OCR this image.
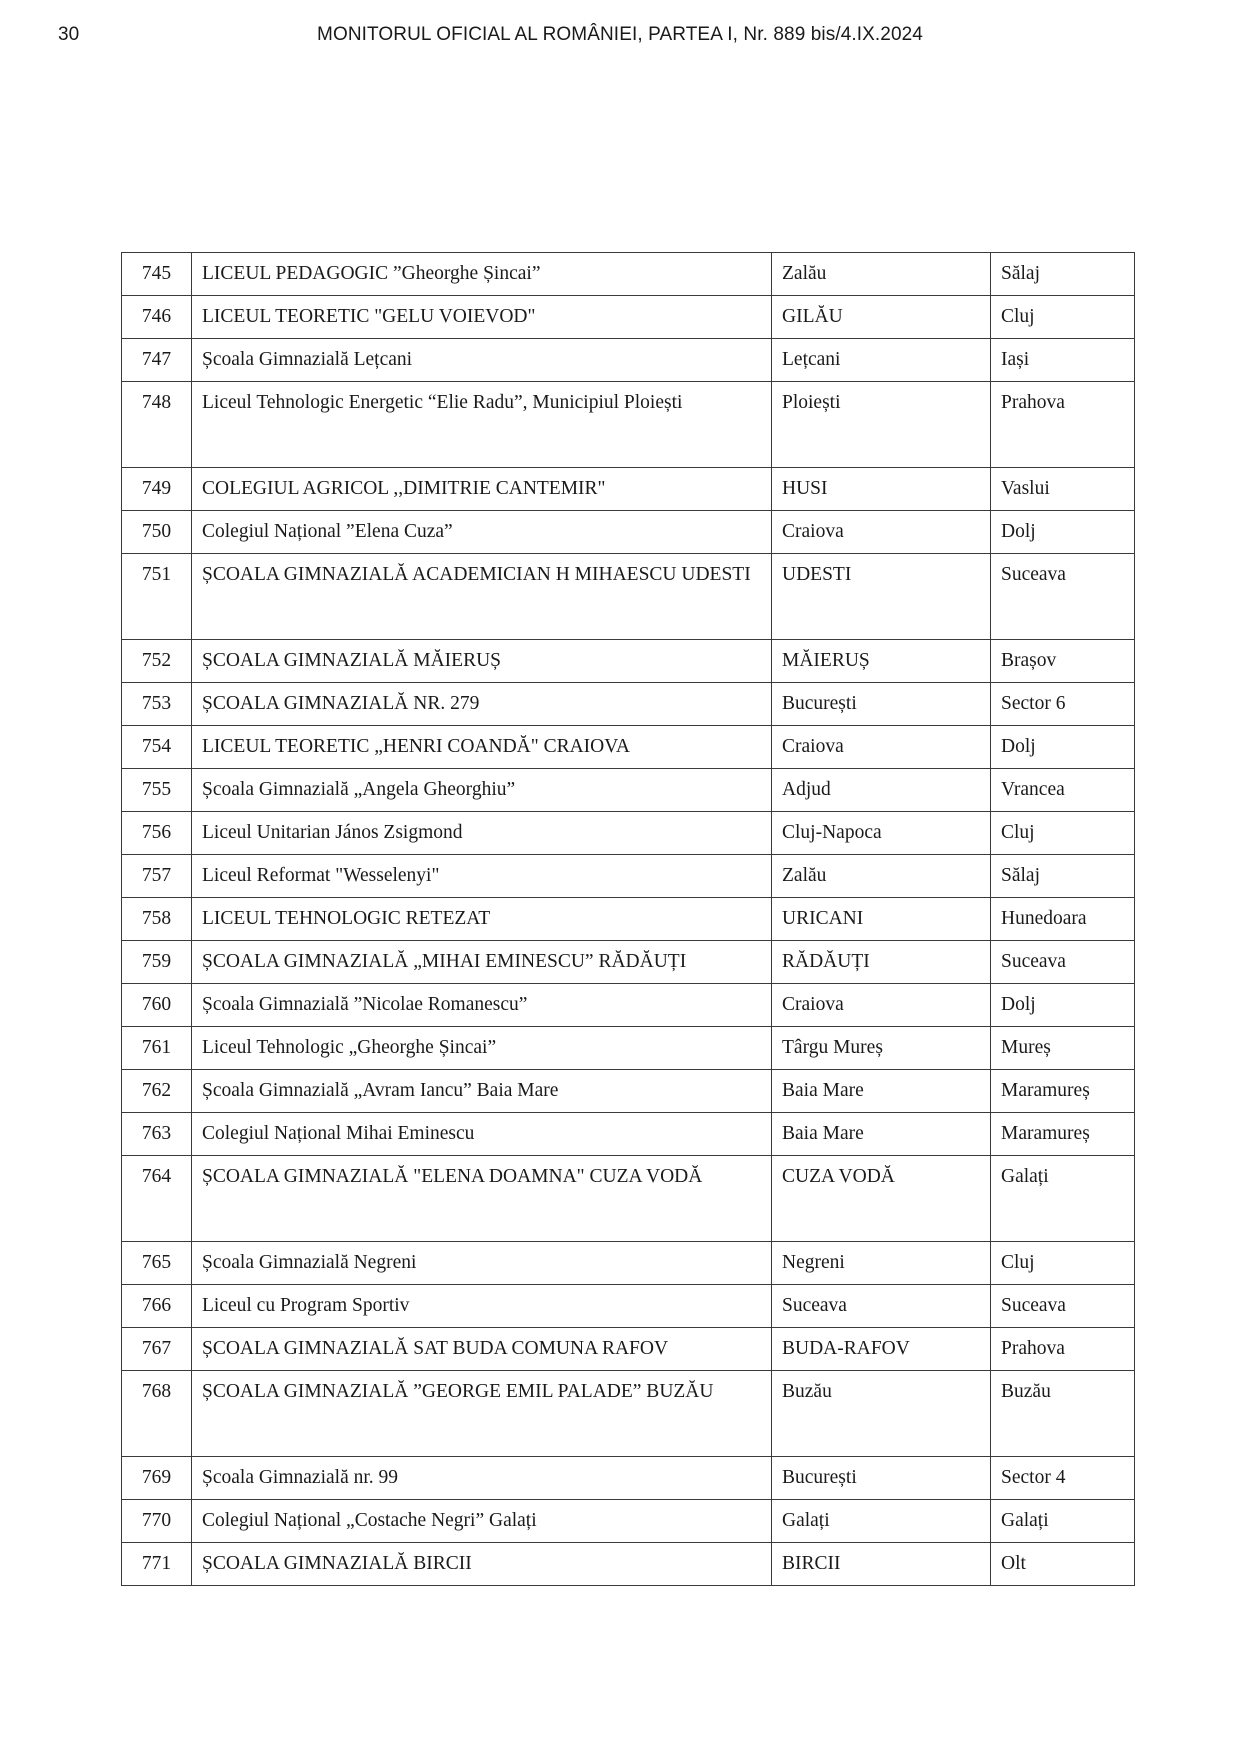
30	MONITORUL OFICIAL AL ROMÂNIEI, PARTEA I, Nr. 889 bis/4.IX.2024
745	LICEUL PEDAGOGIC ”Gheorghe Șincai”	Zalău	Sălaj
746	LICEUL TEORETIC "GELU VOIEVOD"	GILĂU	Cluj
747	Școala Gimnazială Lețcani	Lețcani	Iași
748	Liceul Tehnologic Energetic “Elie Radu”, Municipiul Ploiești	Ploiești	Prahova
749	COLEGIUL AGRICOL ,,DIMITRIE CANTEMIR"	HUSI	Vaslui
750	Colegiul Național ”Elena Cuza”	Craiova	Dolj
751	ȘCOALA GIMNAZIALĂ ACADEMICIAN H MIHAESCU UDESTI	UDESTI	Suceava
752	ȘCOALA GIMNAZIALĂ MĂIERUȘ	MĂIERUȘ	Brașov
753	ȘCOALA GIMNAZIALĂ NR. 279	București	Sector 6
754	LICEUL TEORETIC „HENRI COANDĂ" CRAIOVA	Craiova	Dolj
755	Școala Gimnazială „Angela Gheorghiu”	Adjud	Vrancea
756	Liceul Unitarian János Zsigmond	Cluj-Napoca	Cluj
757	Liceul Reformat "Wesselenyi"	Zalău	Sălaj
758	LICEUL TEHNOLOGIC RETEZAT	URICANI	Hunedoara
759	ȘCOALA GIMNAZIALĂ „MIHAI EMINESCU” RĂDĂUȚI	RĂDĂUȚI	Suceava
760	Școala Gimnazială ”Nicolae Romanescu”	Craiova	Dolj
761	Liceul Tehnologic „Gheorghe Șincai”	Târgu Mureș	Mureș
762	Școala Gimnazială „Avram Iancu” Baia Mare	Baia Mare	Maramureș
763	Colegiul Național Mihai Eminescu	Baia Mare	Maramureș
764	ȘCOALA GIMNAZIALĂ "ELENA DOAMNA" CUZA VODĂ	CUZA VODĂ	Galați
765	Școala Gimnazială Negreni	Negreni	Cluj
766	Liceul cu Program Sportiv	Suceava	Suceava
767	ȘCOALA GIMNAZIALĂ SAT BUDA COMUNA RAFOV	BUDA-RAFOV	Prahova
768	ȘCOALA GIMNAZIALĂ ”GEORGE EMIL PALADE” BUZĂU	Buzău	Buzău
769	Școala Gimnazială nr. 99	București	Sector 4
770	Colegiul Național „Costache Negri” Galați	Galați	Galați
771	ȘCOALA GIMNAZIALĂ BIRCII	BIRCII	Olt
